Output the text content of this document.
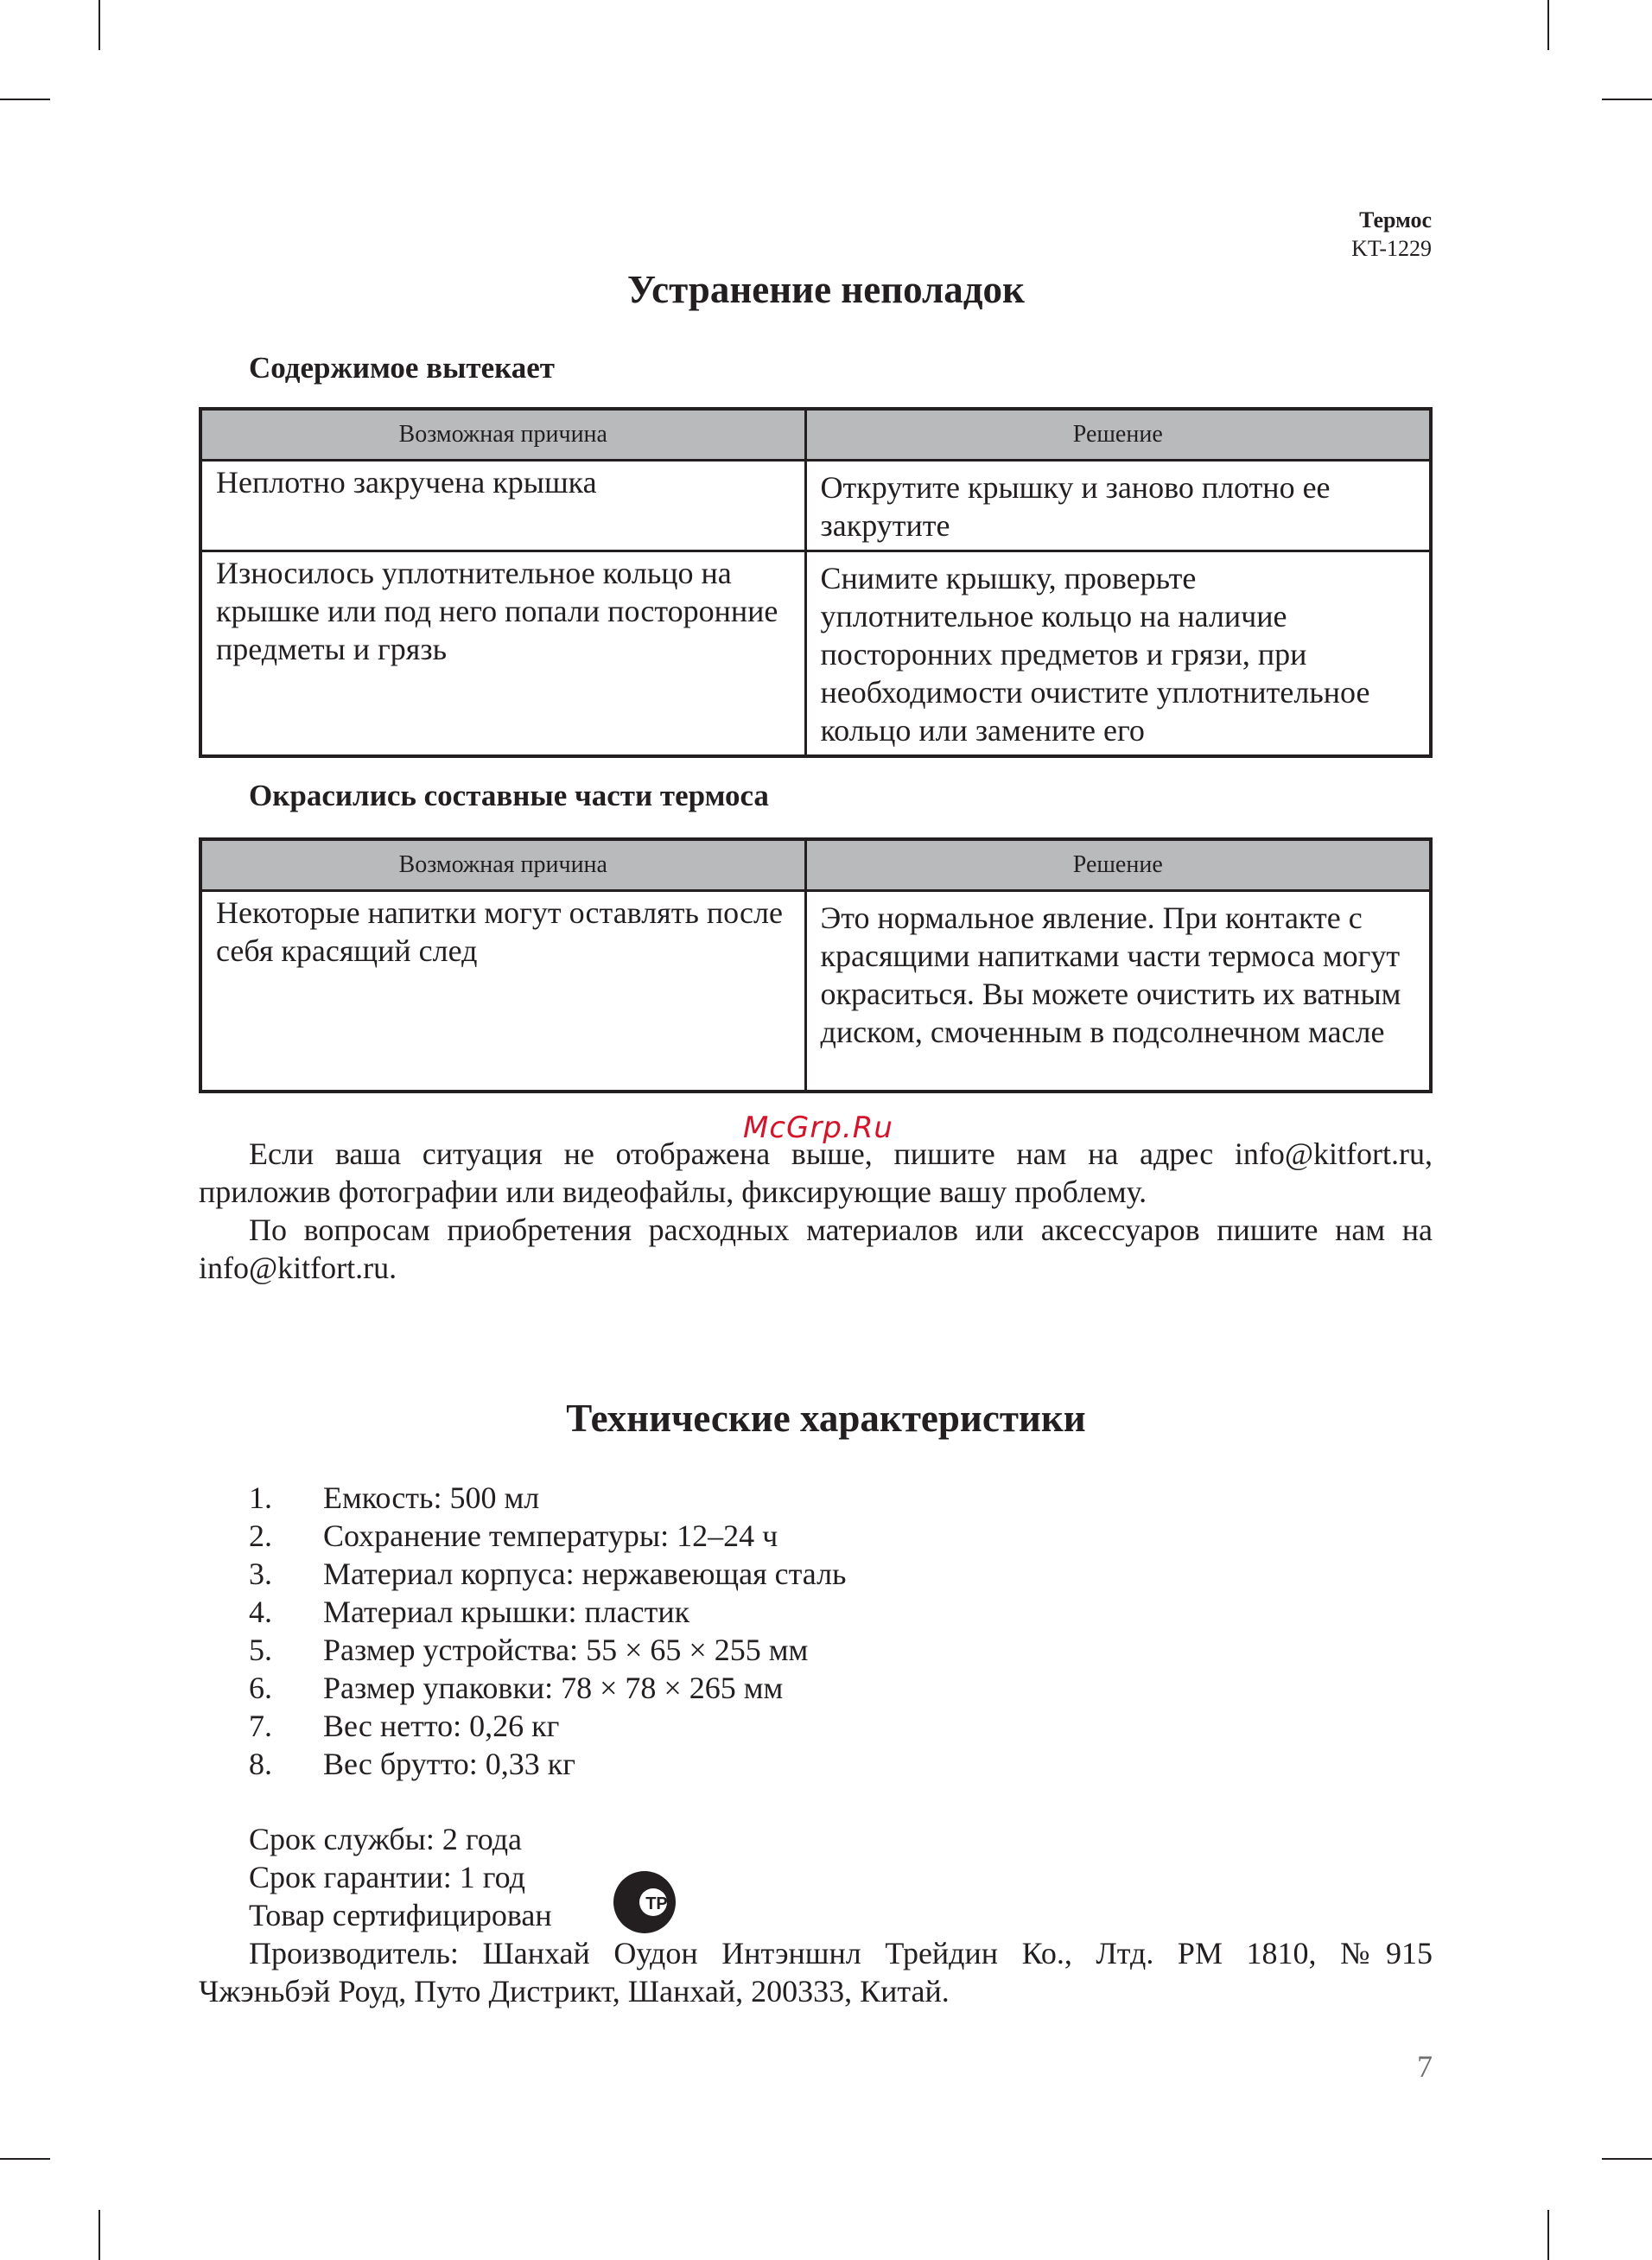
Термос
KT-1229
Устранение неполадок
Содержимое вытекает
Возможная причина	Решение
Неплотно закручена крышка	Открутите крышку и заново плотно ее закрутите
Износилось уплотнительное кольцо на крышке или под него попали посторонние предметы и грязь	Снимите крышку, проверьте уплотнительное кольцо на наличие посторонних предметов и грязи, при необходимости очистите уплотнительное кольцо или замените его
Окрасились составные части термоса
Возможная причина	Решение
Некоторые напитки могут оставлять после себя красящий след	Это нормальное явление. При контакте с красящими напитками части термоса могут окраситься. Вы можете очистить их ватным диском, смоченным в подсолнечном масле
McGrp.Ru

Если ваша ситуация не отображена выше, пишите нам на адрес info@kitfort.ru, приложив фотографии или видеофайлы, фиксирующие вашу проблему.

По вопросам приобретения расходных материалов или аксессуаров пишите нам на info@kitfort.ru.

Технические характеристики
1.	Емкость: 500 мл
2.	Сохранение температуры: 12–24 ч
3.	Материал корпуса: нержавеющая сталь
4.	Материал крышки: пластик
5.	Размер устройства: 55 × 65 × 255 мм
6.	Размер упаковки: 78 × 78 × 265 мм
7.	Вес нетто: 0,26 кг
8.	Вес брутто: 0,33 кг
Срок службы: 2 года
Срок гарантии: 1 год
Товар сертифицирован	ТР

Производитель: Шанхай Оудон Интэншнл Трейдин Ко., Лтд. РМ 1810, №915
Чжэньбэй Роуд, Путо Дистрикт, Шанхай, 200333, Китай.

7
